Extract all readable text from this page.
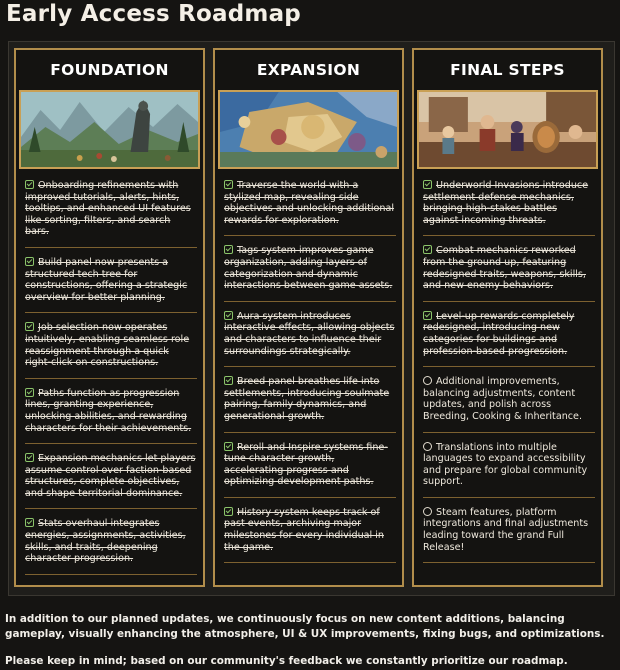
Early Access Roadmap
FOUNDATION
Onboarding refinements with improved tutorials, alerts, hints, tooltips, and enhanced UI features like sorting, filters, and search bars.
Build panel now presents a structured tech tree for constructions, offering a strategic overview for better planning.
Job selection now operates intuitively, enabling seamless role reassignment through a quick right-click on constructions.
Paths function as progression lines, granting experience, unlocking abilities, and rewarding characters for their achievements.
Expansion mechanics let players assume control over faction-based structures, complete objectives, and shape territorial dominance.
Stats overhaul integrates energies, assignments, activities, skills, and traits, deepening character progression.
EXPANSION
Traverse the world with a stylized map, revealing side objectives and unlocking additional rewards for exploration.
Tags system improves game organization, adding layers of categorization and dynamic interactions between game assets.
Aura system introduces interactive effects, allowing objects and characters to influence their surroundings strategically.
Breed panel breathes life into settlements, introducing soulmate pairing, family dynamics, and generational growth.
Reroll and Inspire systems fine-tune character growth, accelerating progress and optimizing development paths.
History system keeps track of past events, archiving major milestones for every individual in the game.
FINAL STEPS
Underworld Invasions introduce settlement defense mechanics, bringing high-stakes battles against incoming threats.
Combat mechanics reworked from the ground up, featuring redesigned traits, weapons, skills, and new enemy behaviors.
Level-up rewards completely redesigned, introducing new categories for buildings and profession-based progression.
Additional improvements, balancing adjustments, content updates, and polish across Breeding, Cooking & Inheritance.
Translations into multiple languages to expand accessibility and prepare for global community support.
Steam features, platform integrations and final adjustments leading toward the grand Full Release!

In addition to our planned updates, we continuously focus on new content additions, balancing gameplay, visually enhancing the atmosphere, UI & UX improvements, fixing bugs, and optimizations.

Please keep in mind; based on our community's feedback we constantly prioritize our roadmap.
